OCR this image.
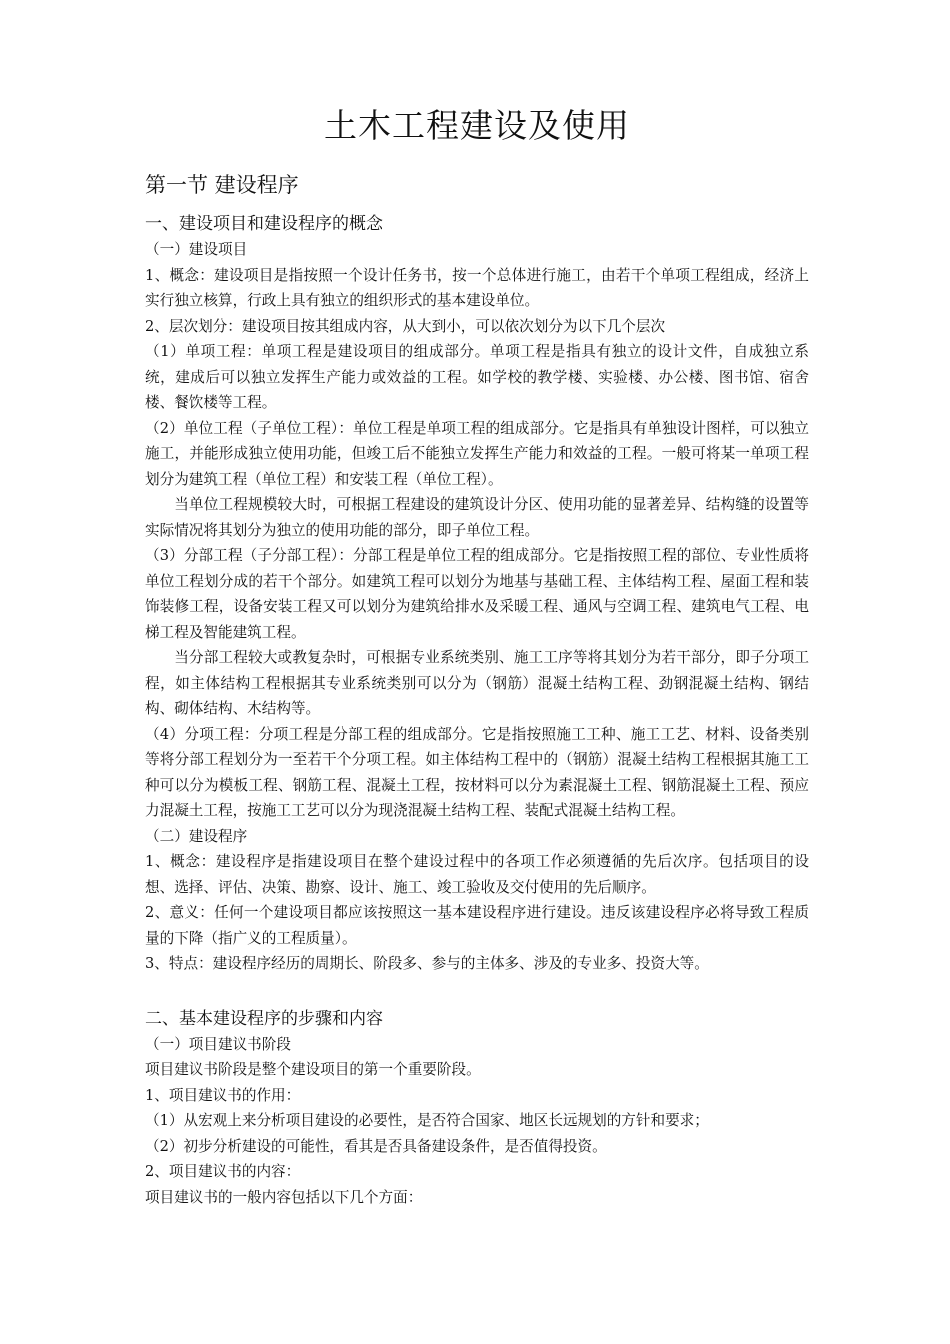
土木工程建设及使用
第一节 建设程序
一、建设项目和建设程序的概念
（一）建设项目
1、概念：建设项目是指按照一个设计任务书，按一个总体进行施工，由若干个单项工程组成，经济上实行独立核算，行政上具有独立的组织形式的基本建设单位。
2、层次划分：建设项目按其组成内容，从大到小，可以依次划分为以下几个层次
（1）单项工程：单项工程是建设项目的组成部分。单项工程是指具有独立的设计文件，自成独立系统，建成后可以独立发挥生产能力或效益的工程。如学校的教学楼、实验楼、办公楼、图书馆、宿舍楼、餐饮楼等工程。
（2）单位工程（子单位工程）：单位工程是单项工程的组成部分。它是指具有单独设计图样，可以独立施工，并能形成独立使用功能，但竣工后不能独立发挥生产能力和效益的工程。一般可将某一单项工程划分为建筑工程（单位工程）和安装工程（单位工程）。
当单位工程规模较大时，可根据工程建设的建筑设计分区、使用功能的显著差异、结构缝的设置等实际情况将其划分为独立的使用功能的部分，即子单位工程。
（3）分部工程（子分部工程）：分部工程是单位工程的组成部分。它是指按照工程的部位、专业性质将单位工程划分成的若干个部分。如建筑工程可以划分为地基与基础工程、主体结构工程、屋面工程和装饰装修工程，设备安装工程又可以划分为建筑给排水及采暖工程、通风与空调工程、建筑电气工程、电梯工程及智能建筑工程。
当分部工程较大或教复杂时，可根据专业系统类别、施工工序等将其划分为若干部分，即子分项工程，如主体结构工程根据其专业系统类别可以分为（钢筋）混凝土结构工程、劲钢混凝土结构、钢结构、砌体结构、木结构等。
（4）分项工程：分项工程是分部工程的组成部分。它是指按照施工工种、施工工艺、材料、设备类别等将分部工程划分为一至若干个分项工程。如主体结构工程中的（钢筋）混凝土结构工程根据其施工工种可以分为模板工程、钢筋工程、混凝土工程，按材料可以分为素混凝土工程、钢筋混凝土工程、预应力混凝土工程，按施工工艺可以分为现浇混凝土结构工程、装配式混凝土结构工程。
（二）建设程序
1、概念：建设程序是指建设项目在整个建设过程中的各项工作必须遵循的先后次序。包括项目的设想、选择、评估、决策、勘察、设计、施工、竣工验收及交付使用的先后顺序。
2、意义：任何一个建设项目都应该按照这一基本建设程序进行建设。违反该建设程序必将导致工程质量的下降（指广义的工程质量）。
3、特点：建设程序经历的周期长、阶段多、参与的主体多、涉及的专业多、投资大等。
二、基本建设程序的步骤和内容
（一）项目建议书阶段
项目建议书阶段是整个建设项目的第一个重要阶段。
1、项目建议书的作用：
（1）从宏观上来分析项目建设的必要性，是否符合国家、地区长远规划的方针和要求；
（2）初步分析建设的可能性，看其是否具备建设条件，是否值得投资。
2、项目建议书的内容：
项目建议书的一般内容包括以下几个方面：
